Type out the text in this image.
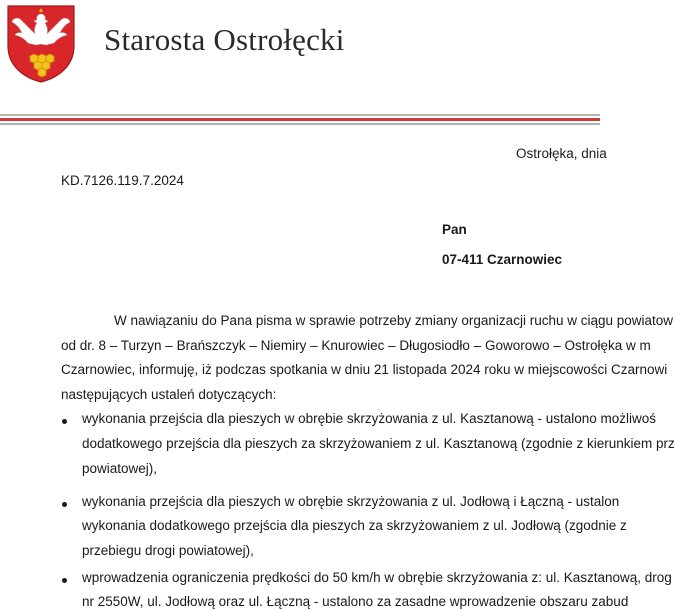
Starosta Ostrołęcki
Ostrołęka, dnia
KD.7126.119.7.2024
Pan
07-411 Czarnowiec
W nawiązaniu do Pana pisma w sprawie potrzeby zmiany organizacji ruchu w ciągu powiatow
od dr. 8 – Turzyn – Brańszczyk – Niemiry – Knurowiec – Długosiodło – Goworowo – Ostrołęka w m
Czarnowiec, informuję, iż podczas spotkania w dniu 21 listopada 2024 roku w miejscowości Czarnowi
następujących ustaleń dotyczących:
wykonania przejścia dla pieszych w obrębie skrzyżowania z ul. Kasztanową - ustalono możliwoś
dodatkowego przejścia dla pieszych za skrzyżowaniem z ul. Kasztanową (zgodnie z kierunkiem prz
powiatowej),
wykonania przejścia dla pieszych w obrębie skrzyżowania z ul. Jodłową i Łączną - ustalon
wykonania dodatkowego przejścia dla pieszych za skrzyżowaniem z ul. Jodłową (zgodnie z
przebiegu drogi powiatowej),
wprowadzenia ograniczenia prędkości do 50 km/h w obrębie skrzyżowania z: ul. Kasztanową, drog
nr 2550W, ul. Jodłową oraz ul. Łączną - ustalono za zasadne wprowadzenie obszaru zabud
